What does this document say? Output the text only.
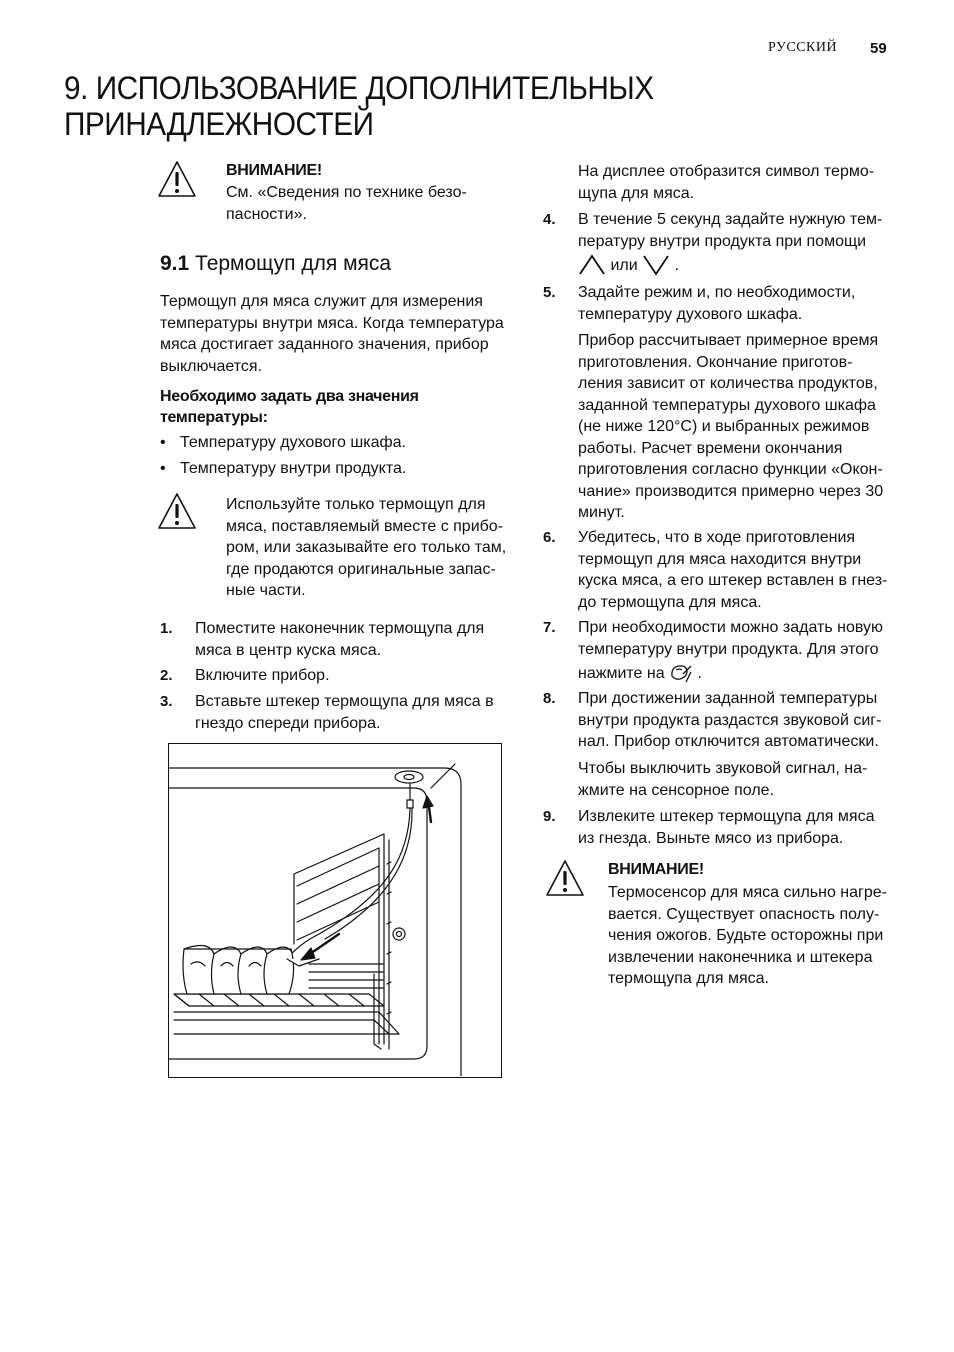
РУССКИЙ 59
9. ИСПОЛЬЗОВАНИЕ ДОПОЛНИТЕЛЬНЫХ
ПРИНАДЛЕЖНОСТЕЙ
ВНИМАНИЕ!
См. «Сведения по технике безо-
пасности».
9.1 Термощуп для мяса
Термощуп для мяса служит для измерения
температуры внутри мяса. Когда температура
мяса достигает заданного значения, прибор
выключается.
Необходимо задать два значения
температуры:
• Температуру духового шкафа.
• Температуру внутри продукта.
Используйте только термощуп для
мяса, поставляемый вместе с прибо-
ром, или заказывайте его только там,
где продаются оригинальные запас-
ные части.
1. Поместите наконечник термощупа для
мяса в центр куска мяса.
2. Включите прибор.
3. Вставьте штекер термощупа для мяса в
гнездо спереди прибора.
На дисплее отобразится символ термо-
щупа для мяса.
4. В течение 5 секунд задайте нужную тем-
пературу внутри продукта при помощи
или .
5. Задайте режим и, по необходимости,
температуру духового шкафа.
Прибор рассчитывает примерное время
приготовления. Окончание приготов-
ления зависит от количества продуктов,
заданной температуры духового шкафа
(не ниже 120°C) и выбранных режимов
работы. Расчет времени окончания
приготовления согласно функции «Окон-
чание» производится примерно через 30
минут.
6. Убедитесь, что в ходе приготовления
термощуп для мяса находится внутри
куска мяса, а его штекер вставлен в гнез-
до термощупа для мяса.
7. При необходимости можно задать новую
температуру внутри продукта. Для этого
нажмите на .
8. При достижении заданной температуры
внутри продукта раздастся звуковой сиг-
нал. Прибор отключится автоматически.
Чтобы выключить звуковой сигнал, на-
жмите на сенсорное поле.
9. Извлеките штекер термощупа для мяса
из гнезда. Выньте мясо из прибора.
ВНИМАНИЕ!
Термосенсор для мяса сильно нагре-
вается. Существует опасность полу-
чения ожогов. Будьте осторожны при
извлечении наконечника и штекера
термощупа для мяса.
